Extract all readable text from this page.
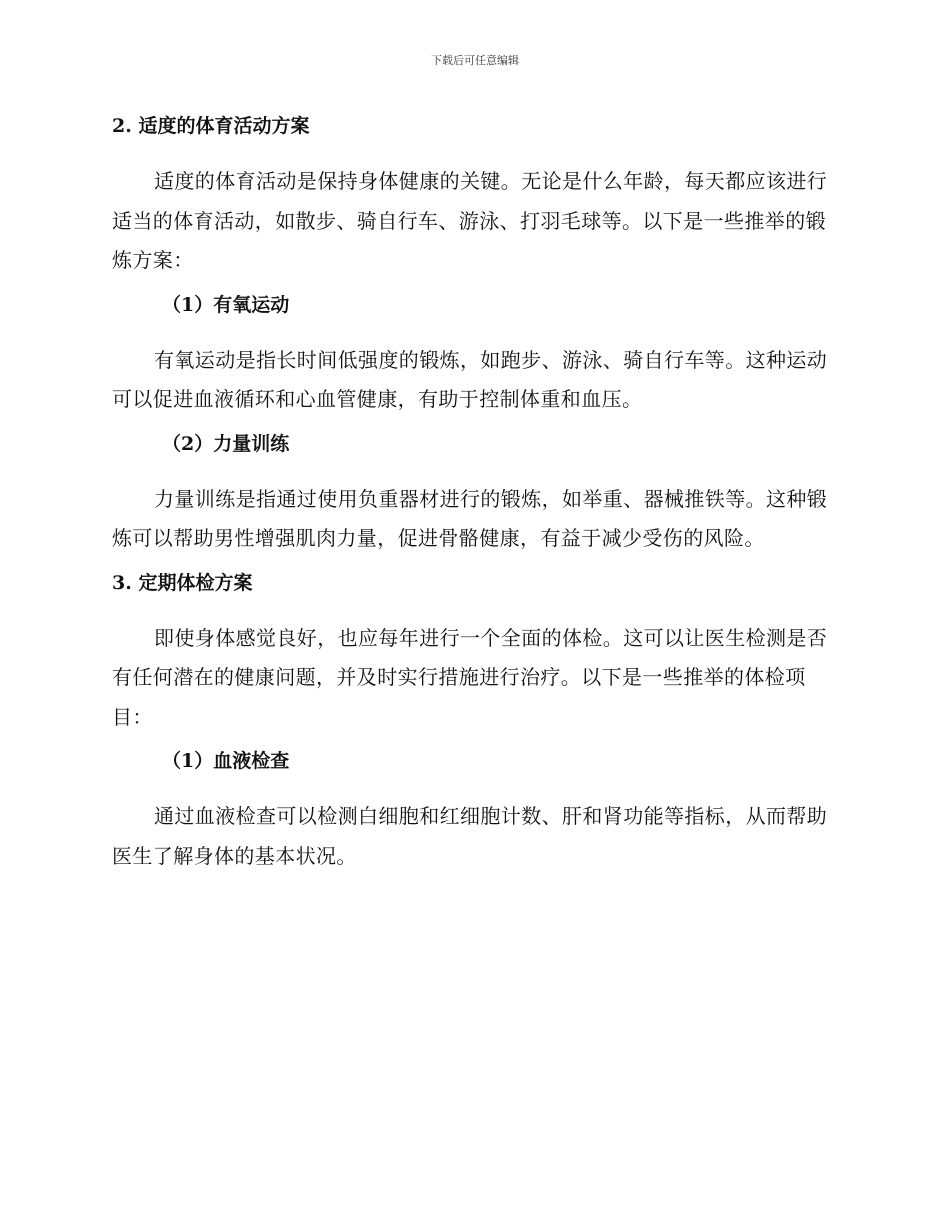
下载后可任意编辑
2. 适度的体育活动方案

适度的体育活动是保持身体健康的关键。无论是什么年龄，每天都应该进行适当的体育活动，如散步、骑自行车、游泳、打羽毛球等。以下是一些推举的锻炼方案：

（1）有氧运动

有氧运动是指长时间低强度的锻炼，如跑步、游泳、骑自行车等。这种运动可以促进血液循环和心血管健康，有助于控制体重和血压。

（2）力量训练

力量训练是指通过使用负重器材进行的锻炼，如举重、器械推铁等。这种锻炼可以帮助男性增强肌肉力量，促进骨骼健康，有益于减少受伤的风险。

3. 定期体检方案

即使身体感觉良好，也应每年进行一个全面的体检。这可以让医生检测是否有任何潜在的健康问题，并及时实行措施进行治疗。以下是一些推举的体检项目：

（1）血液检查

通过血液检查可以检测白细胞和红细胞计数、肝和肾功能等指标，从而帮助医生了解身体的基本状况。
